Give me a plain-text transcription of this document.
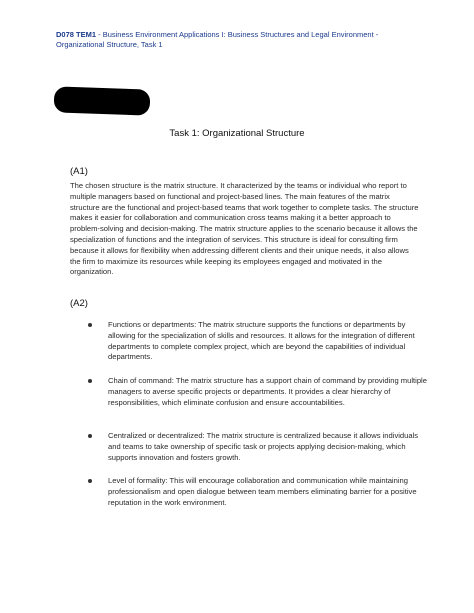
D078 TEM1 - Business Environment Applications I: Business Structures and Legal Environment - Organizational Structure, Task 1
Task 1: Organizational Structure
(A1)

The chosen structure is the matrix structure. It characterized by the teams or individual who report to multiple managers based on functional and project-based lines. The main features of the matrix structure are the functional and project-based teams that work together to complete tasks. The structure makes it easier for collaboration and communication cross teams making it a better approach to problem-solving and decision-making. The matrix structure applies to the scenario because it allows the specialization of functions and the integration of services. This structure is ideal for consulting firm because it allows for flexibility when addressing different clients and their unique needs, it also allows the firm to maximize its resources while keeping its employees engaged and motivated in the organization.

(A2)
Functions or departments: The matrix structure supports the functions or departments by allowing for the specialization of skills and resources. It allows for the integration of different departments to complete complex project, which are beyond the capabilities of individual departments.
Chain of command: The matrix structure has a support chain of command by providing multiple managers to averse specific projects or departments. It provides a clear hierarchy of responsibilities, which eliminate confusion and ensure accountabilities.
Centralized or decentralized: The matrix structure is centralized because it allows individuals and teams to take ownership of specific task or projects applying decision-making, which supports innovation and fosters growth.
Level of formality: This will encourage collaboration and communication while maintaining professionalism and open dialogue between team members eliminating barrier for a positive reputation in the work environment.
